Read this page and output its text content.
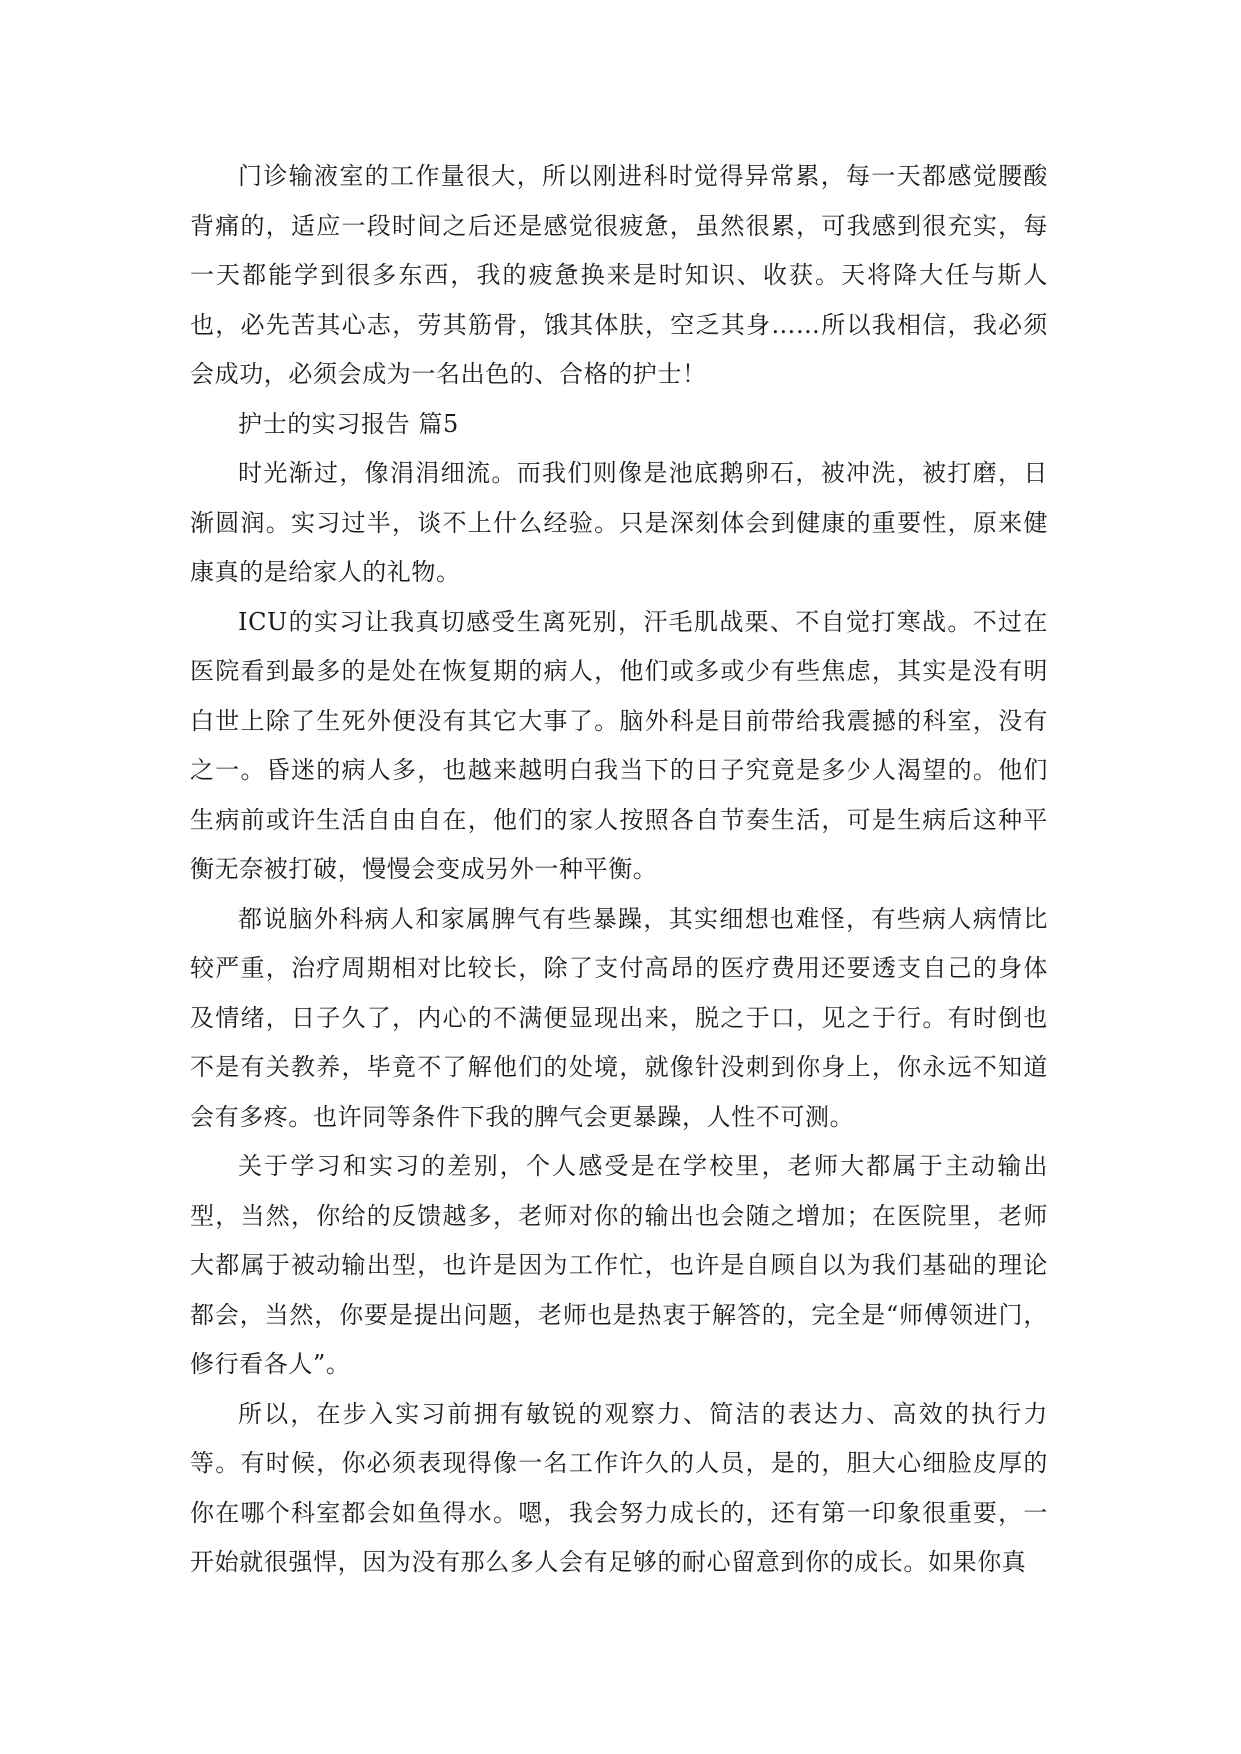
门诊输液室的工作量很大，所以刚进科时觉得异常累，每一天都感觉腰酸背痛的，适应一段时间之后还是感觉很疲惫，虽然很累，可我感到很充实，每一天都能学到很多东西，我的疲惫换来是时知识、收获。天将降大任与斯人也，必先苦其心志，劳其筋骨，饿其体肤，空乏其身……所以我相信，我必须会成功，必须会成为一名出色的、合格的护士！

护士的实习报告 篇5

时光渐过，像涓涓细流。而我们则像是池底鹅卵石，被冲洗，被打磨，日渐圆润。实习过半，谈不上什么经验。只是深刻体会到健康的重要性，原来健康真的是给家人的礼物。

ICU的实习让我真切感受生离死别，汗毛肌战栗、不自觉打寒战。不过在医院看到最多的是处在恢复期的病人，他们或多或少有些焦虑，其实是没有明白世上除了生死外便没有其它大事了。脑外科是目前带给我震撼的科室，没有之一。昏迷的病人多，也越来越明白我当下的日子究竟是多少人渴望的。他们生病前或许生活自由自在，他们的家人按照各自节奏生活，可是生病后这种平衡无奈被打破，慢慢会变成另外一种平衡。

都说脑外科病人和家属脾气有些暴躁，其实细想也难怪，有些病人病情比较严重，治疗周期相对比较长，除了支付高昂的医疗费用还要透支自己的身体及情绪，日子久了，内心的不满便显现出来，脱之于口，见之于行。有时倒也不是有关教养，毕竟不了解他们的处境，就像针没刺到你身上，你永远不知道会有多疼。也许同等条件下我的脾气会更暴躁，人性不可测。

关于学习和实习的差别，个人感受是在学校里，老师大都属于主动输出型，当然，你给的反馈越多，老师对你的输出也会随之增加；在医院里，老师大都属于被动输出型，也许是因为工作忙，也许是自顾自以为我们基础的理论都会，当然，你要是提出问题，老师也是热衷于解答的，完全是“师傅领进门，修行看各人”。

所以，在步入实习前拥有敏锐的观察力、简洁的表达力、高效的执行力等。有时候，你必须表现得像一名工作许久的人员，是的，胆大心细脸皮厚的你在哪个科室都会如鱼得水。嗯，我会努力成长的，还有第一印象很重要，一开始就很强悍，因为没有那么多人会有足够的耐心留意到你的成长。如果你真
